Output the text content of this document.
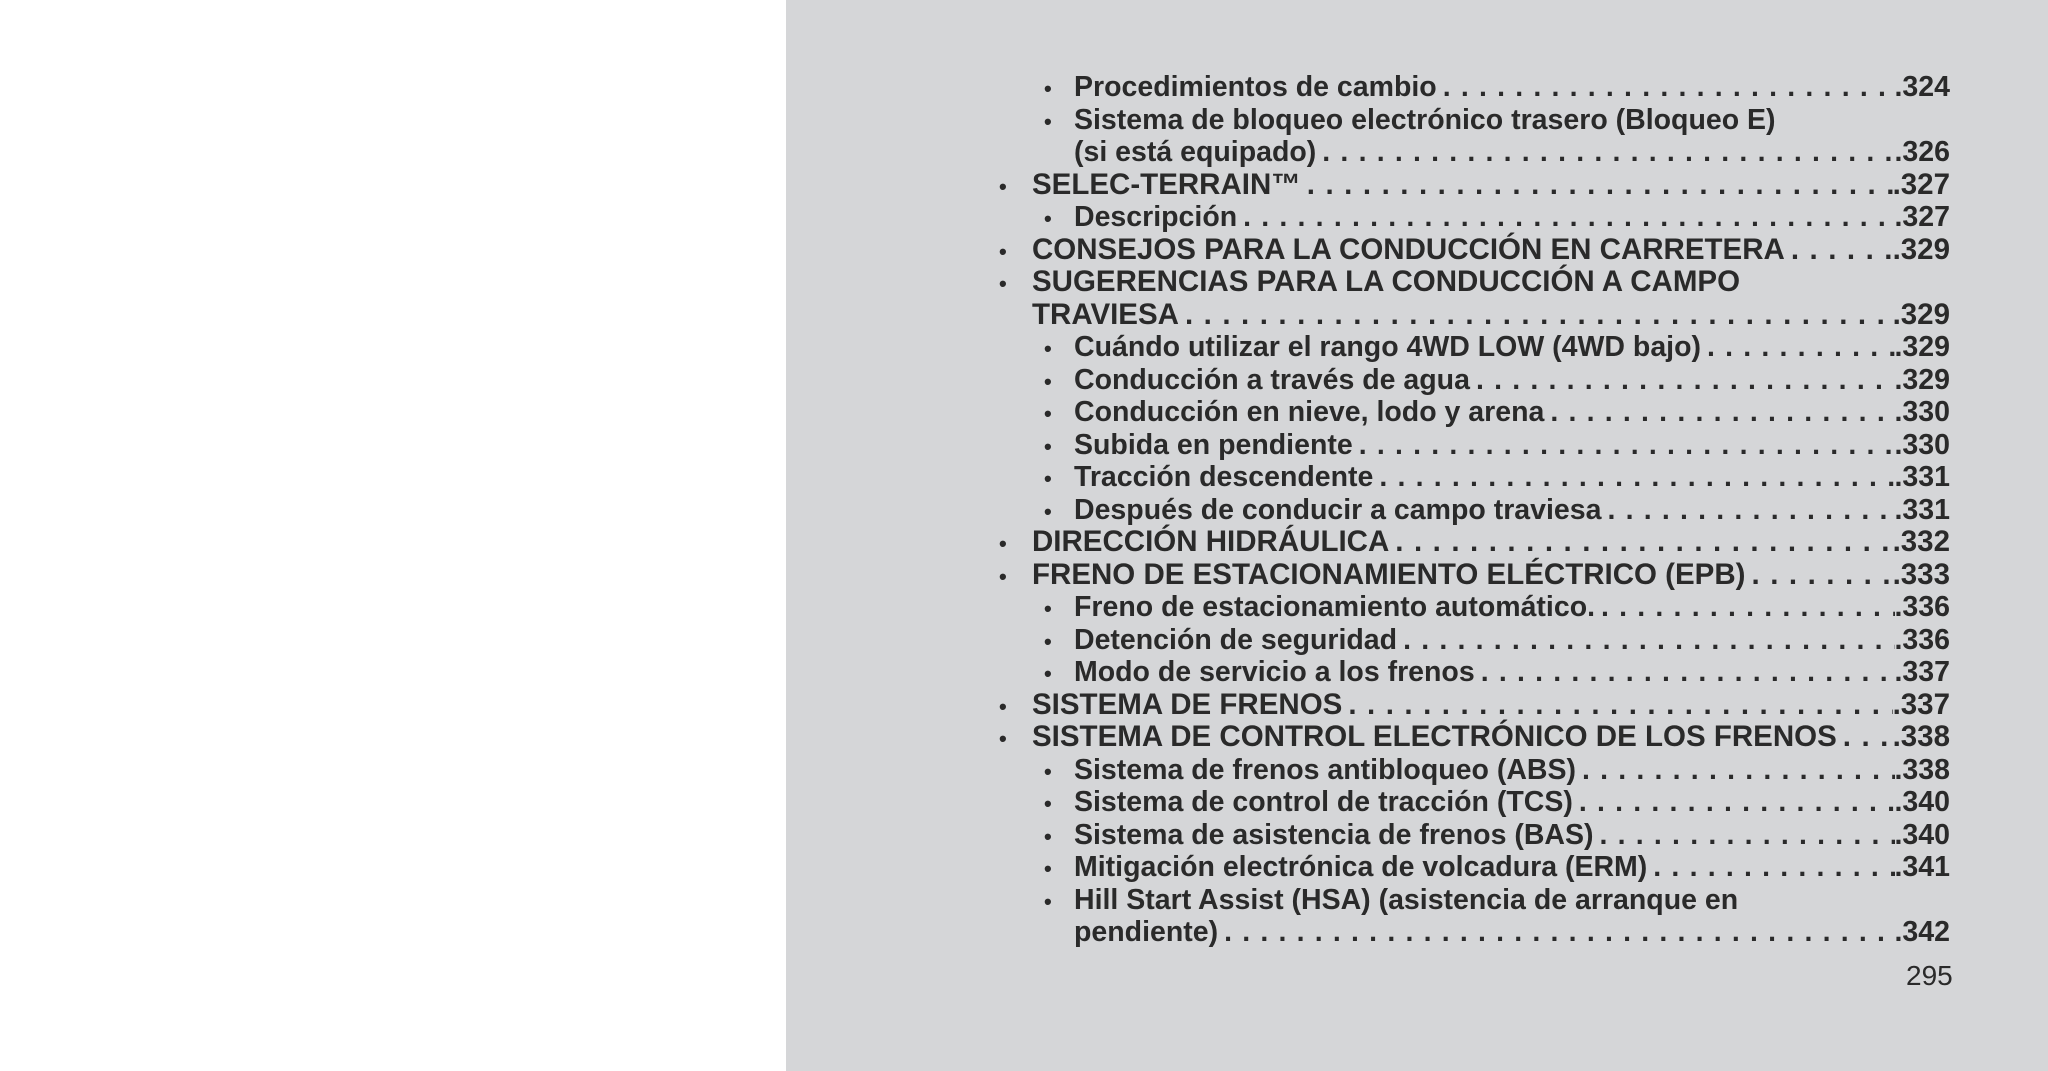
• Procedimientos de cambio . . .	.324
• Sistema de bloqueo electrónico trasero (Bloqueo E)
(si está equipado) . . .	.326
• SELEC-TERRAIN™ . . .	.327
• Descripción . . .	.327
• CONSEJOS PARA LA CONDUCCIÓN EN CARRETERA . . .	.329
• SUGERENCIAS PARA LA CONDUCCIÓN A CAMPO
TRAVIESA . . .	.329
• Cuándo utilizar el rango 4WD LOW (4WD bajo) . . .	.329
• Conducción a través de agua . . .	.329
• Conducción en nieve, lodo y arena . . .	.330
• Subida en pendiente . . .	.330
• Tracción descendente . . .	.331
• Después de conducir a campo traviesa . . .	.331
• DIRECCIÓN HIDRÁULICA . . .	.332
• FRENO DE ESTACIONAMIENTO ELÉCTRICO (EPB) . . .	.333
• Freno de estacionamiento automático. . . .	.336
• Detención de seguridad . . .	.336
• Modo de servicio a los frenos . . .	.337
• SISTEMA DE FRENOS . . .	.337
• SISTEMA DE CONTROL ELECTRÓNICO DE LOS FRENOS . . . .338
• Sistema de frenos antibloqueo (ABS) . . .	.338
• Sistema de control de tracción (TCS) . . .	.340
• Sistema de asistencia de frenos (BAS) . . .	.340
• Mitigación electrónica de volcadura (ERM) . . .	.341
• Hill Start Assist (HSA) (asistencia de arranque en
pendiente) . . .	.342
295
